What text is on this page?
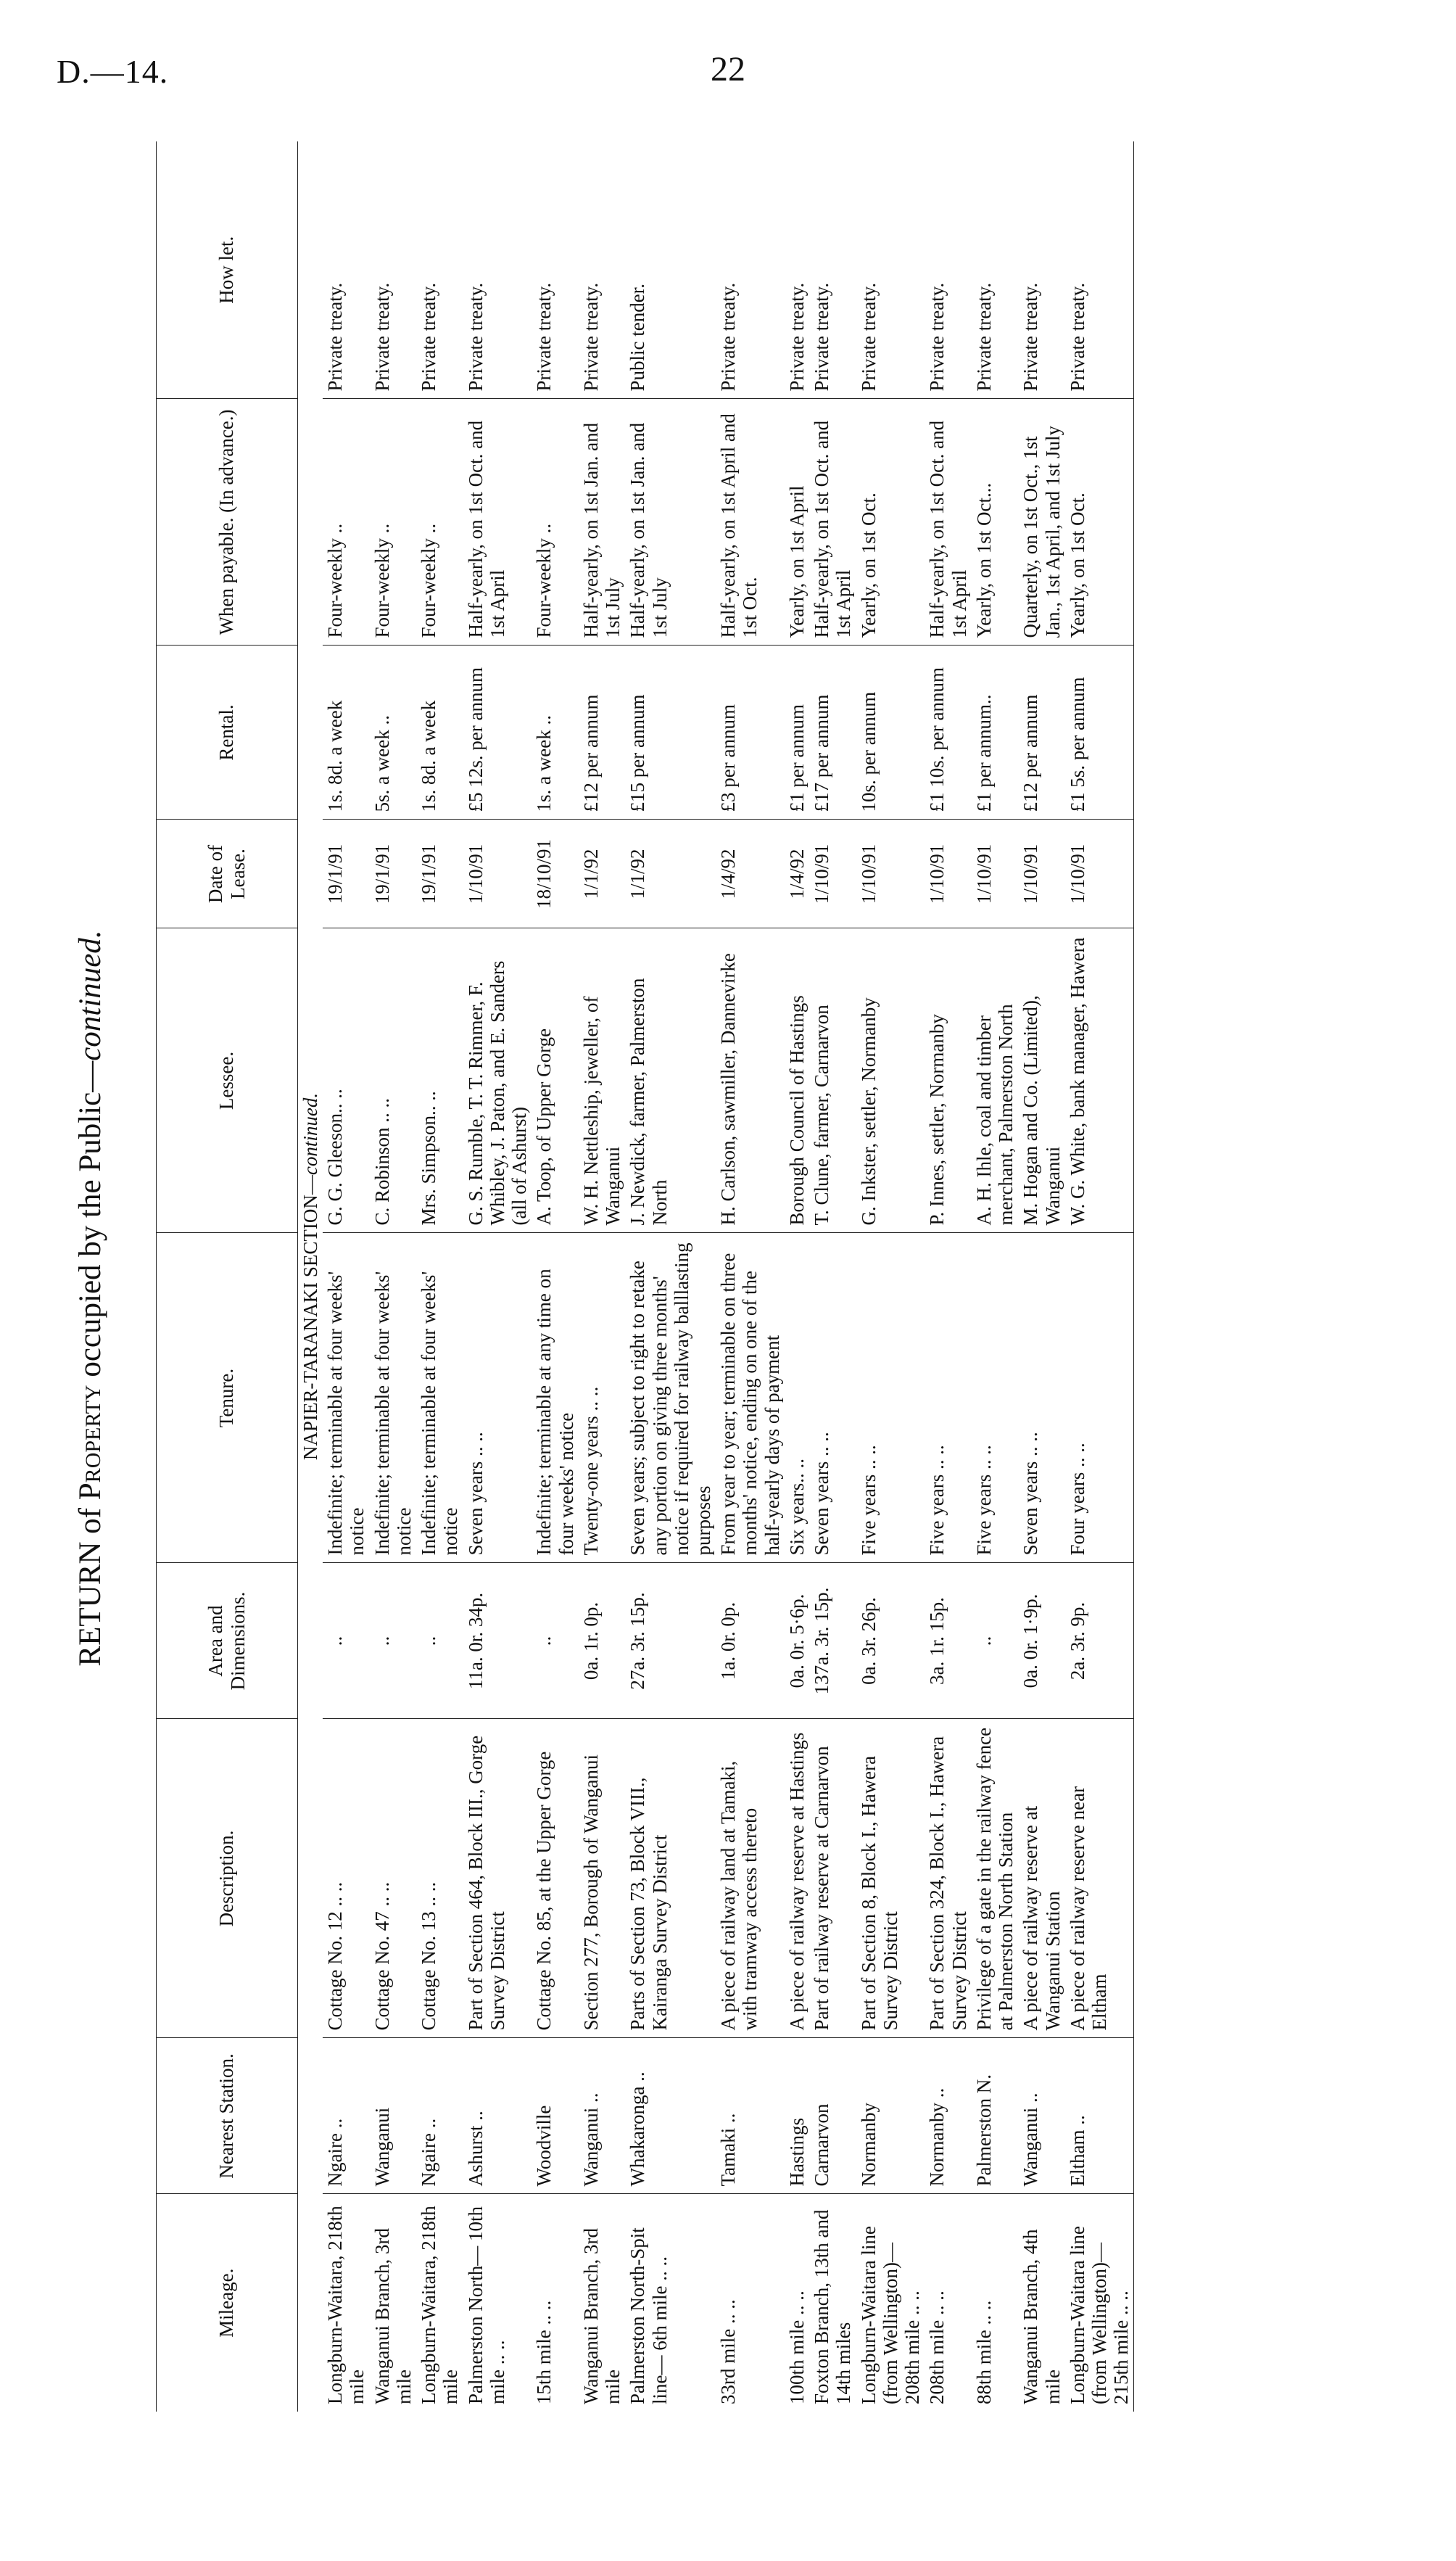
D.—14.	22
RETURN of Property occupied by the Public—continued.
Mileage.	Nearest Station.	Description.	Area and Dimensions.	Tenure.	Lessee.	Date of Lease.	Rental.	When payable. (In advance.)	How let.
NAPIER-TARANAKI SECTION—continued.									
Longburn-Waitara, 218th mile	Ngaire ..	Cottage No. 12 .. ..	..	Indefinite; terminable at four weeks' notice	G. G. Gleeson.. ..	19/1/91	1s. 8d. a week	Four-weekly ..	Private treaty.
Wanganui Branch, 3rd mile	Wanganui	Cottage No. 47 .. ..	..	Indefinite; terminable at four weeks' notice	C. Robinson .. ..	19/1/91	5s. a week ..	Four-weekly ..	Private treaty.
Longburn-Waitara, 218th mile	Ngaire ..	Cottage No. 13 .. ..	..	Indefinite; terminable at four weeks' notice	Mrs. Simpson.. ..	19/1/91	1s. 8d. a week	Four-weekly ..	Private treaty.
Palmerston North— 10th mile .. ..	Ashurst ..	Part of Section 464, Block III., Gorge Survey District	11a. 0r. 34p.	Seven years .. ..	G. S. Rumble, T. T. Rimmer, F. Whibley, J. Paton, and E. Sanders (all of Ashurst)	1/10/91	£5 12s. per annum	Half-yearly, on 1st Oct. and 1st April	Private treaty.
15th mile .. ..	Woodville	Cottage No. 85, at the Upper Gorge	..	Indefinite; terminable at any time on four weeks' notice	A. Toop, of Upper Gorge	18/10/91	1s. a week ..	Four-weekly ..	Private treaty.
Wanganui Branch, 3rd mile	Wanganui ..	Section 277, Borough of Wanganui	0a. 1r. 0p.	Twenty-one years .. ..	W. H. Nettleship, jeweller, of Wanganui	1/1/92	£12 per annum	Half-yearly, on 1st Jan. and 1st July	Private treaty.
Palmerston North-Spit line— 6th mile .. ..	Whakaronga ..	Parts of Section 73, Block VIII., Kairanga Survey District	27a. 3r. 15p.	Seven years; subject to right to retake any portion on giving three months' notice if required for railway balllasting purposes	J. Newdick, farmer, Palmerston North	1/1/92	£15 per annum	Half-yearly, on 1st Jan. and 1st July	Public tender.
33rd mile .. ..	Tamaki ..	A piece of railway land at Tamaki, with tramway access thereto	1a. 0r. 0p.	From year to year; terminable on three months' notice, ending on one of the half-yearly days of payment	H. Carlson, sawmiller, Dannevirke	1/4/92	£3 per annum	Half-yearly, on 1st April and 1st Oct.	Private treaty.
100th mile .. ..	Hastings	A piece of railway reserve at Hastings	0a. 0r. 5·6p.	Six years.. ..	Borough Council of Hastings	1/4/92	£1 per annum	Yearly, on 1st April	Private treaty.
Foxton Branch, 13th and 14th miles	Carnarvon	Part of railway reserve at Carnarvon	137a. 3r. 15p.	Seven years .. ..	T. Clune, farmer, Carnarvon	1/10/91	£17 per annum	Half-yearly, on 1st Oct. and 1st April	Private treaty.
Longburn-Waitara line (from Wellington)— 208th mile .. ..	Normanby	Part of Section 8, Block I., Hawera Survey District	0a. 3r. 26p.	Five years .. ..	G. Inkster, settler, Normanby	1/10/91	10s. per annum	Yearly, on 1st Oct.	Private treaty.
208th mile .. ..	Normanby ..	Part of Section 324, Block I., Hawera Survey District	3a. 1r. 15p.	Five years .. ..	P. Innes, settler, Normanby	1/10/91	£1 10s. per annum	Half-yearly, on 1st Oct. and 1st April	Private treaty.
88th mile .. ..	Palmerston N.	Privilege of a gate in the railway fence at Palmerston North Station	..	Five years .. ..	A. H. Ihle, coal and timber merchant, Palmerston North	1/10/91	£1 per annum..	Yearly, on 1st Oct...	Private treaty.
Wanganui Branch, 4th mile	Wanganui ..	A piece of railway reserve at Wanganui Station	0a. 0r. 1·9p.	Seven years .. ..	M. Hogan and Co. (Limited), Wanganui	1/10/91	£12 per annum	Quarterly, on 1st Oct., 1st Jan., 1st April, and 1st July	Private treaty.
Longburn-Waitara line (from Wellington)— 215th mile .. ..	Eltham ..	A piece of railway reserve near Eltham	2a. 3r. 9p.	Four years .. ..	W. G. White, bank manager, Hawera	1/10/91	£1 5s. per annum	Yearly, on 1st Oct.	Private treaty.
